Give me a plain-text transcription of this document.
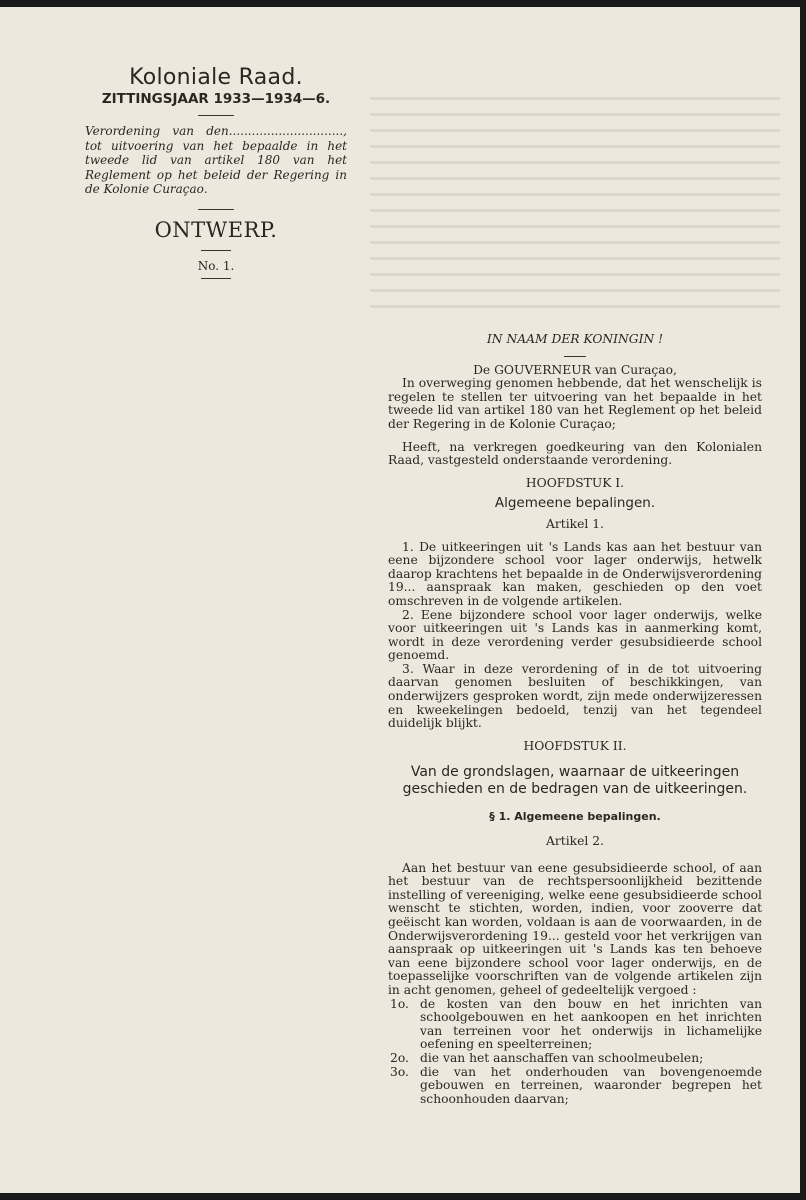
Koloniale Raad.
ZITTINGSJAAR 1933—1934—6.
Verordening van den.............................., tot uitvoering van het bepaalde in het tweede lid van artikel 180 van het Reglement op het beleid der Regering in de Kolonie Curaçao.
ONTWERP.
No. 1.
IN NAAM DER KONINGIN !
De GOUVERNEUR van Curaçao,

In overweging genomen hebbende, dat het wenschelijk is regelen te stellen ter uitvoering van het bepaalde in het tweede lid van artikel 180 van het Reglement op het beleid der Regering in de Kolonie Curaçao;

Heeft, na verkregen goedkeuring van den Kolonialen Raad, vastgesteld onderstaande verordening.

HOOFDSTUK I.
Algemeene bepalingen.
Artikel 1.

1. De uitkeeringen uit 's Lands kas aan het bestuur van eene bijzondere school voor lager onderwijs, hetwelk daarop krachtens het bepaalde in de Onderwijsverordening 19... aanspraak kan maken, geschieden op den voet omschreven in de volgende artikelen.

2. Eene bijzondere school voor lager onderwijs, welke voor uitkeeringen uit 's Lands kas in aanmerking komt, wordt in deze verordening verder gesubsidieerde school genoemd.

3. Waar in deze verordening of in de tot uitvoering daarvan genomen besluiten of beschikkingen, van onderwijzers gesproken wordt, zijn mede onderwijzeressen en kweekelingen bedoeld, tenzij van het tegendeel duidelijk blijkt.

HOOFDSTUK II.
Van de grondslagen, waarnaar de uitkeeringen geschieden en de bedragen van de uitkeeringen.
§ 1. Algemeene bepalingen.
Artikel 2.

Aan het bestuur van eene gesubsidieerde school, of aan het bestuur van de rechtspersoonlijkheid bezittende instelling of vereeniging, welke eene gesubsidieerde school wenscht te stichten, worden, indien, voor zooverre dat geëischt kan worden, voldaan is aan de voorwaarden, in de Onderwijsverordening 19... gesteld voor het verkrijgen van aanspraak op uitkeeringen uit 's Lands kas ten behoeve van eene bijzondere school voor lager onderwijs, en de toepasselijke voorschriften van de volgende artikelen zijn in acht genomen, geheel of gedeeltelijk vergoed :

1o. de kosten van den bouw en het inrichten van schoolgebouwen en het aankoopen en het inrichten van terreinen voor het onderwijs in lichamelijke oefening en speelterreinen;
2o. die van het aanschaffen van schoolmeubelen;
3o. die van het onderhouden van bovengenoemde gebouwen en terreinen, waaronder begrepen het schoonhouden daarvan;
